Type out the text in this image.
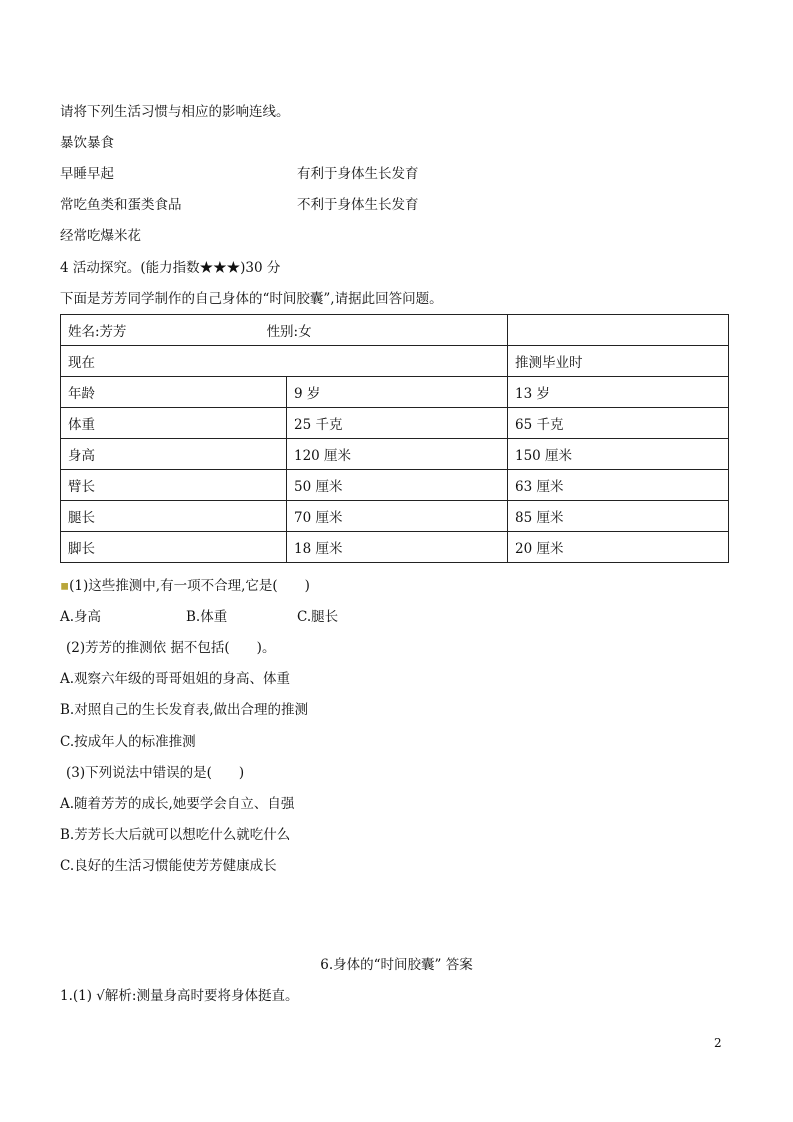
请将下列生活习惯与相应的影响连线。
暴饮暴食
早睡早起	有利于身体生长发育
常吃鱼类和蛋类食品	不利于身体生长发育
经常吃爆米花
4 活动探究。(能力指数★★★)30 分
下面是芳芳同学制作的自己身体的“时间胶囊”,请据此回答问题。
姓名:芳芳 性别:女		
现在		推测毕业时
年龄	9 岁	13 岁
体重	25 千克	65 千克
身高	120 厘米	150 厘米
臂长	50 厘米	63 厘米
腿长	70 厘米	85 厘米
脚长	18 厘米	20 厘米
▪(1)这些推测中,有一项不合理,它是(　　)
A.身高	B.体重	C.腿长
(2)芳芳的推测依 据不包括(　　)。
A.观察六年级的哥哥姐姐的身高、体重
B.对照自己的生长发育表,做出合理的推测
C.按成年人的标准推测
(3)下列说法中错误的是(　　)
A.随着芳芳的成长,她要学会自立、自强
B.芳芳长大后就可以想吃什么就吃什么
C.良好的生活习惯能使芳芳健康成长
6.身体的“时间胶囊” 答案
1.(1) √解析:测量身高时要将身体挺直。
2
